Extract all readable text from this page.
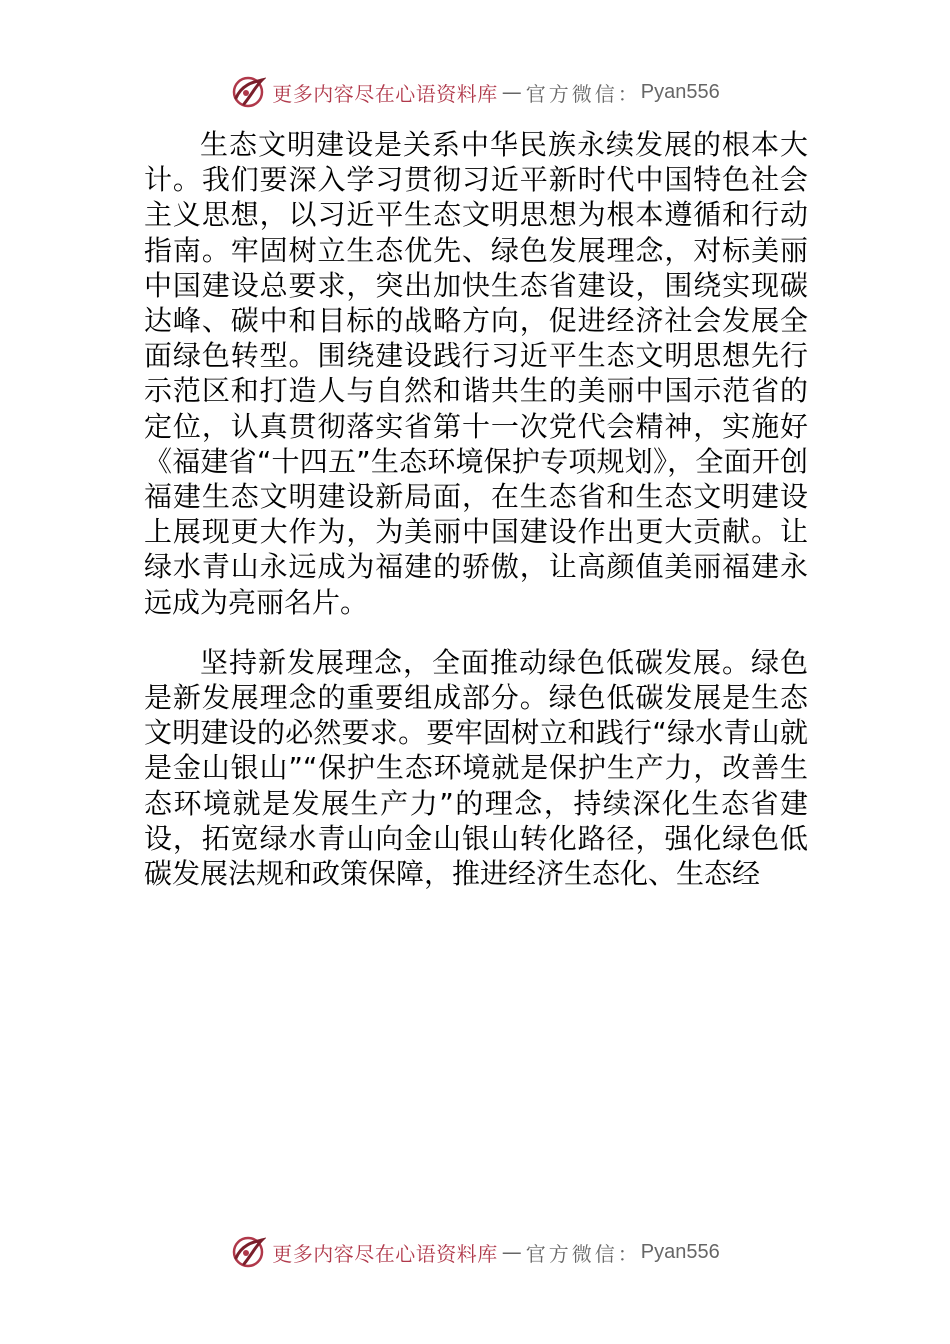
更多内容尽在心语资料库 — 官方微信： Pyan556

生态文明建设是关系中华民族永续发展的根本大计。我们要深入学习贯彻习近平新时代中国特色社会主义思想，以习近平生态文明思想为根本遵循和行动指南。牢固树立生态优先、绿色发展理念，对标美丽中国建设总要求，突出加快生态省建设，围绕实现碳达峰、碳中和目标的战略方向，促进经济社会发展全面绿色转型。围绕建设践行习近平生态文明思想先行示范区和打造人与自然和谐共生的美丽中国示范省的定位，认真贯彻落实省第十一次党代会精神，实施好《福建省“十四五”生态环境保护专项规划》，全面开创福建生态文明建设新局面，在生态省和生态文明建设上展现更大作为，为美丽中国建设作出更大贡献。让绿水青山永远成为福建的骄傲，让高颜值美丽福建永远成为亮丽名片。

坚持新发展理念，全面推动绿色低碳发展。绿色是新发展理念的重要组成部分。绿色低碳发展是生态文明建设的必然要求。要牢固树立和践行“绿水青山就是金山银山”“保护生态环境就是保护生产力，改善生态环境就是发展生产力”的理念，持续深化生态省建设，拓宽绿水青山向金山银山转化路径，强化绿色低碳发展法规和政策保障，推进经济生态化、生态经

更多内容尽在心语资料库 — 官方微信： Pyan556
